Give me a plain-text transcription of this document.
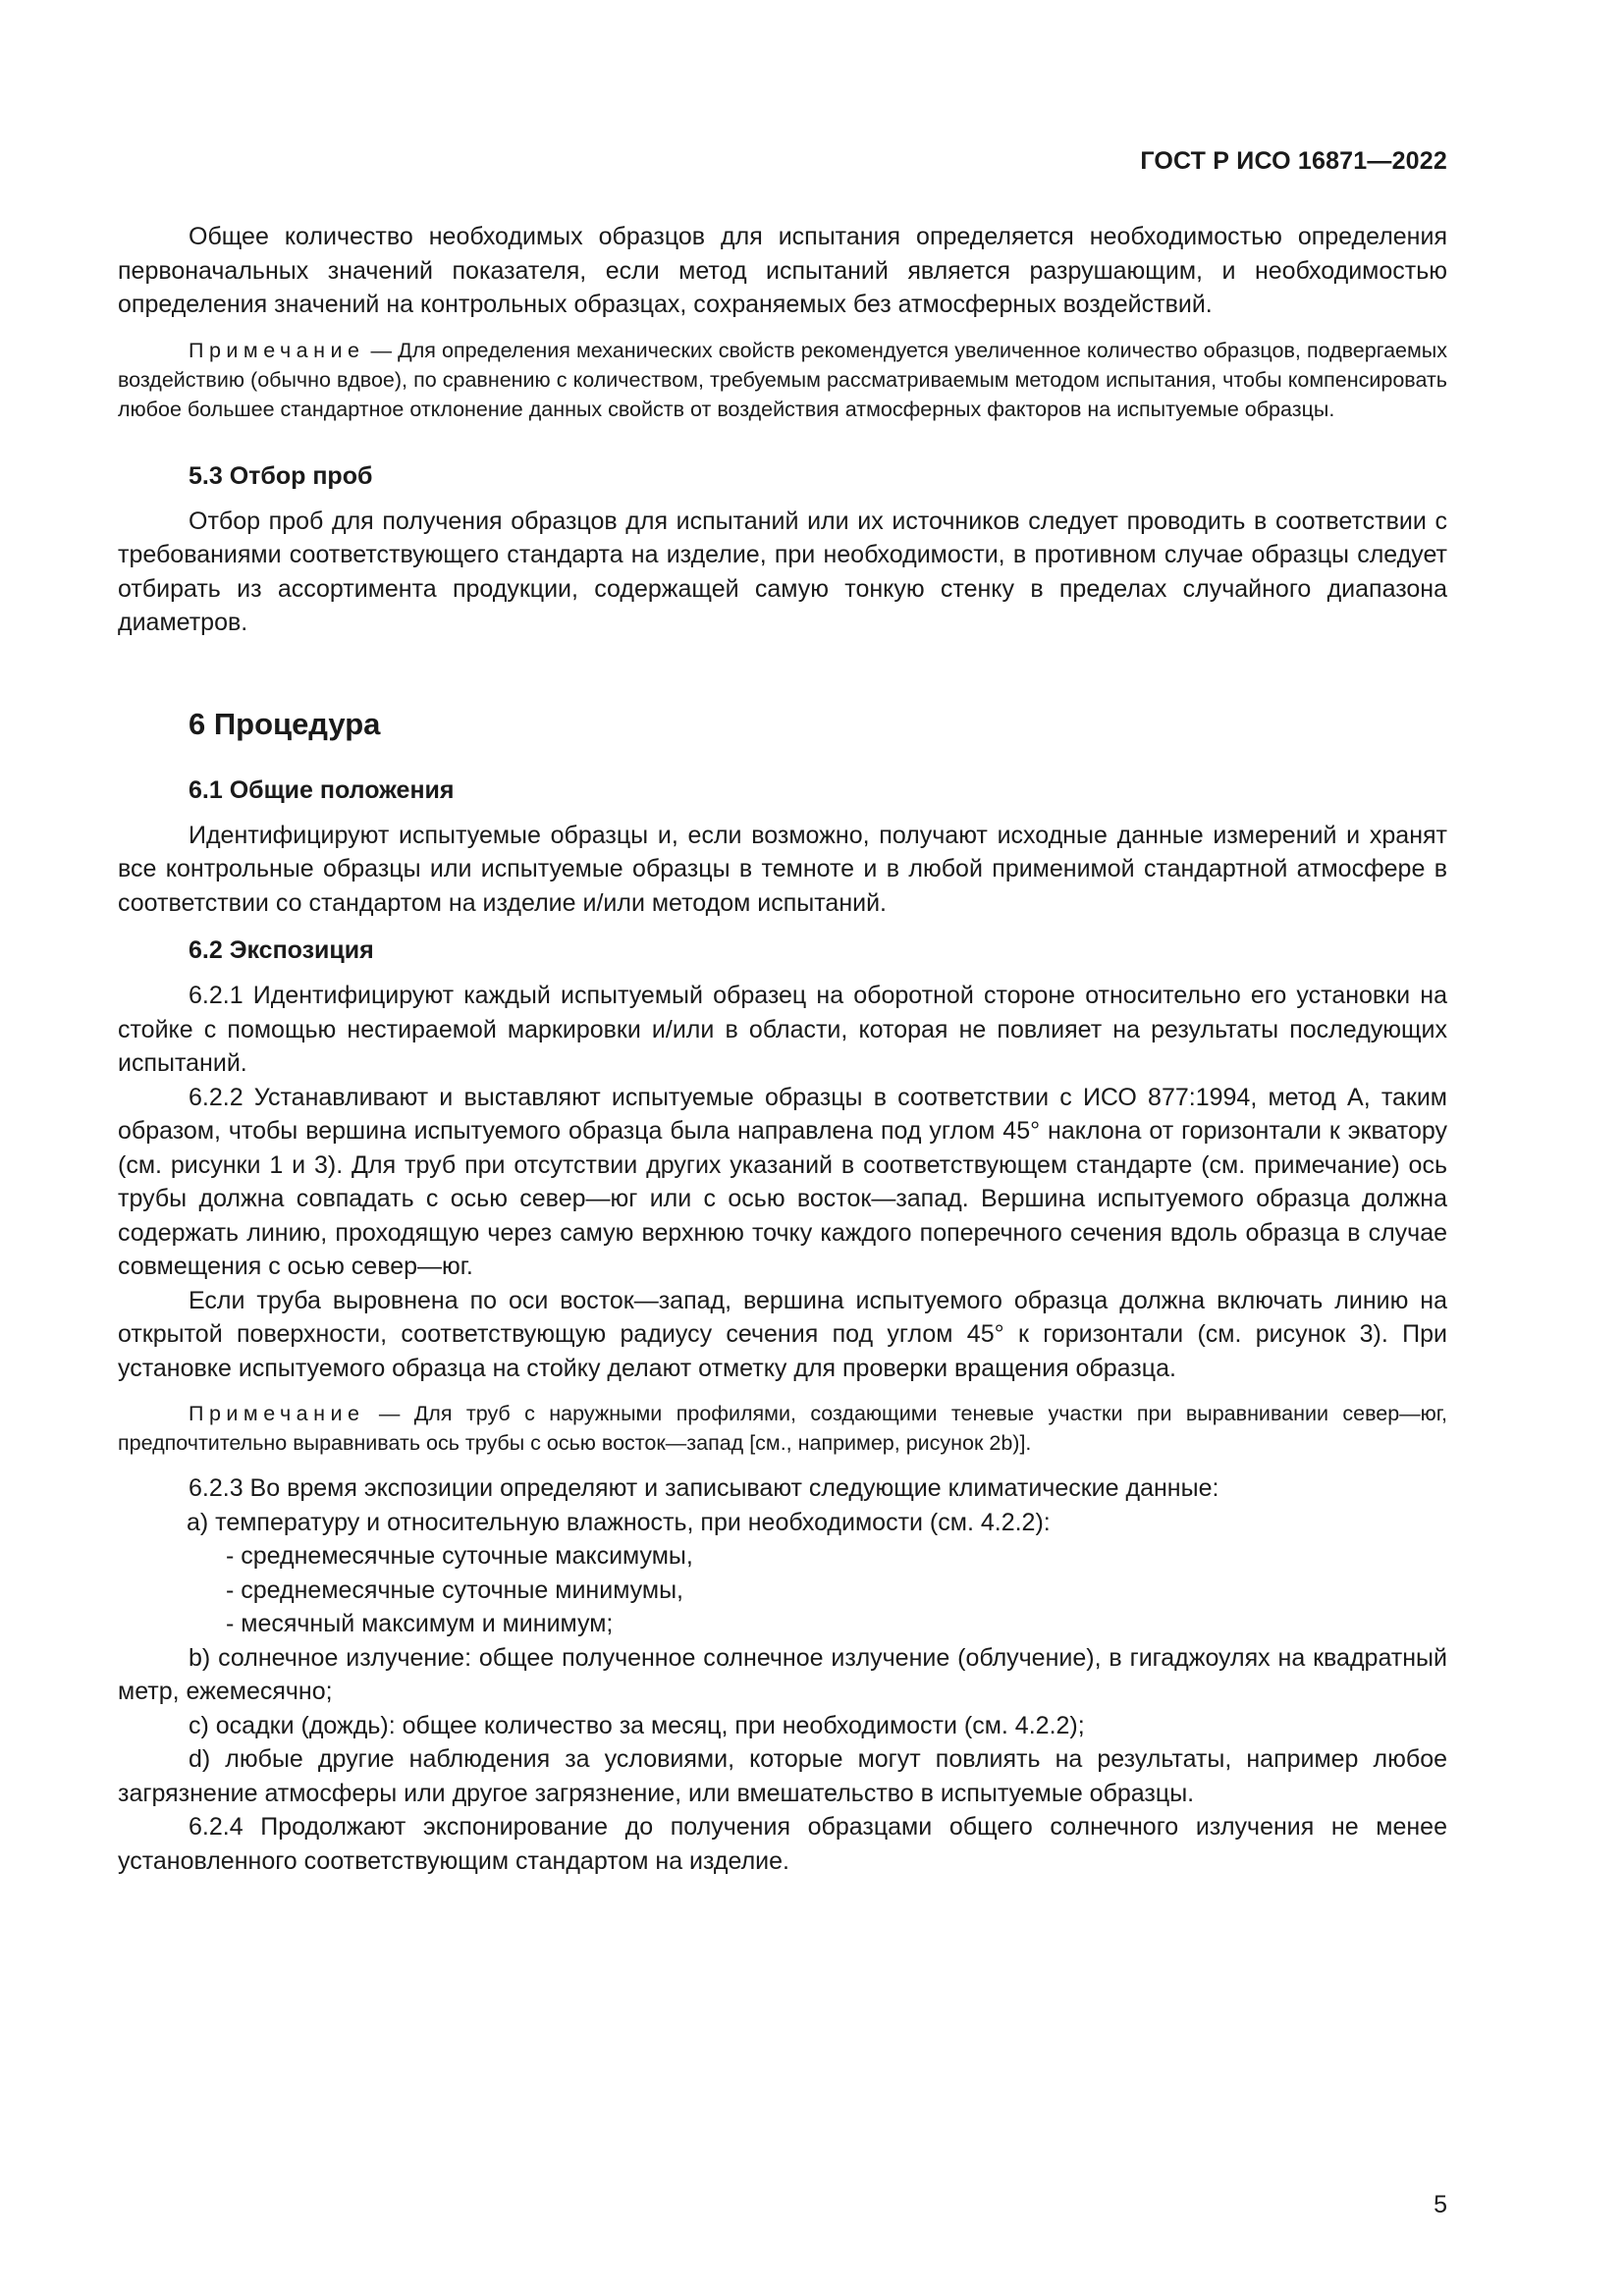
ГОСТ Р ИСО 16871—2022

Общее количество необходимых образцов для испытания определяется необходимостью определения первоначальных значений показателя, если метод испытаний является разрушающим, и необходимостью определения значений на контрольных образцах, сохраняемых без атмосферных воздействий.

Примечание — Для определения механических свойств рекомендуется увеличенное количество образцов, подвергаемых воздействию (обычно вдвое), по сравнению с количеством, требуемым рассматриваемым методом испытания, чтобы компенсировать любое большее стандартное отклонение данных свойств от воздействия атмосферных факторов на испытуемые образцы.

5.3 Отбор проб

Отбор проб для получения образцов для испытаний или их источников следует проводить в соответствии с требованиями соответствующего стандарта на изделие, при необходимости, в противном случае образцы следует отбирать из ассортимента продукции, содержащей самую тонкую стенку в пределах случайного диапазона диаметров.

6 Процедура
6.1 Общие положения

Идентифицируют испытуемые образцы и, если возможно, получают исходные данные измерений и хранят все контрольные образцы или испытуемые образцы в темноте и в любой применимой стандартной атмосфере в соответствии со стандартом на изделие и/или методом испытаний.

6.2 Экспозиция

6.2.1 Идентифицируют каждый испытуемый образец на оборотной стороне относительно его установки на стойке с помощью нестираемой маркировки и/или в области, которая не повлияет на результаты последующих испытаний.

6.2.2 Устанавливают и выставляют испытуемые образцы в соответствии с ИСО 877:1994, метод А, таким образом, чтобы вершина испытуемого образца была направлена под углом 45° наклона от горизонтали к экватору (см. рисунки 1 и 3). Для труб при отсутствии других указаний в соответствующем стандарте (см. примечание) ось трубы должна совпадать с осью север—юг или с осью восток—запад. Вершина испытуемого образца должна содержать линию, проходящую через самую верхнюю точку каждого поперечного сечения вдоль образца в случае совмещения с осью север—юг.

Если труба выровнена по оси восток—запад, вершина испытуемого образца должна включать линию на открытой поверхности, соответствующую радиусу сечения под углом 45° к горизонтали (см. рисунок 3). При установке испытуемого образца на стойку делают отметку для проверки вращения образца.

Примечание — Для труб с наружными профилями, создающими теневые участки при выравнивании север—юг, предпочтительно выравнивать ось трубы с осью восток—запад [см., например, рисунок 2b)].

6.2.3 Во время экспозиции определяют и записывают следующие климатические данные:

a) температуру и относительную влажность, при необходимости (см. 4.2.2):

- среднемесячные суточные максимумы,

- среднемесячные суточные минимумы,

- месячный максимум и минимум;

b) солнечное излучение: общее полученное солнечное излучение (облучение), в гигаджоулях на квадратный метр, ежемесячно;

c) осадки (дождь): общее количество за месяц, при необходимости (см. 4.2.2);

d) любые другие наблюдения за условиями, которые могут повлиять на результаты, например любое загрязнение атмосферы или другое загрязнение, или вмешательство в испытуемые образцы.

6.2.4 Продолжают экспонирование до получения образцами общего солнечного излучения не менее установленного соответствующим стандартом на изделие.

5
